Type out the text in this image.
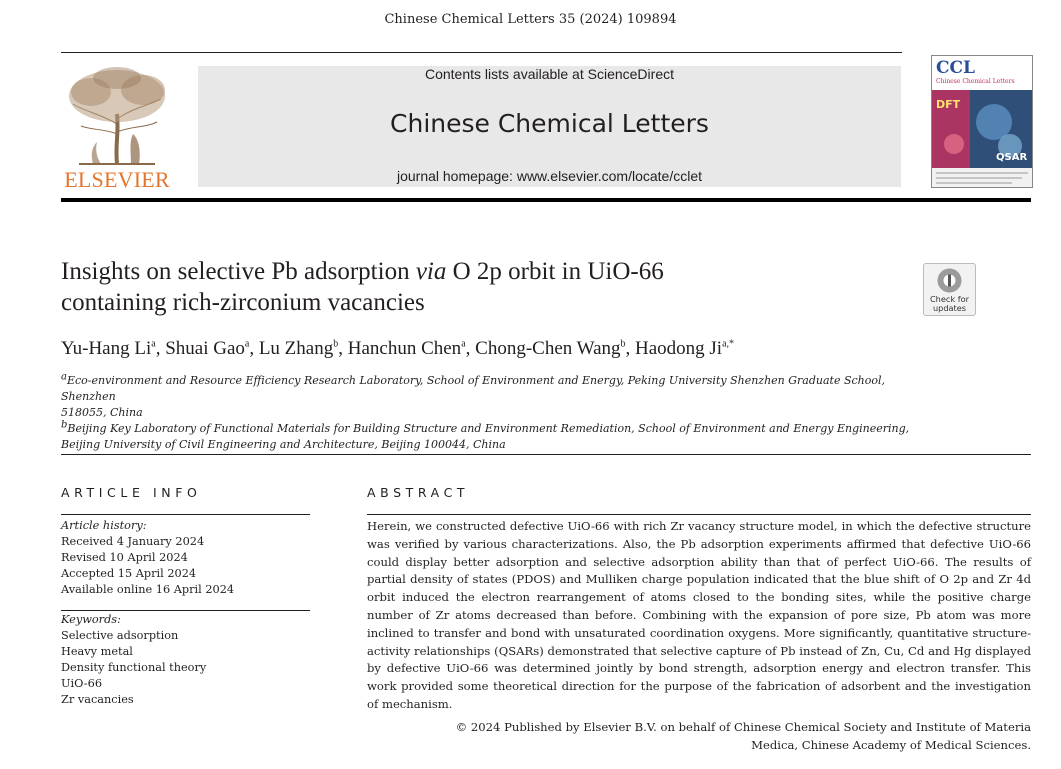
Chinese Chemical Letters 35 (2024) 109894
ELSEVIER
Contents lists available at ScienceDirect
Chinese Chemical Letters
journal homepage: www.elsevier.com/locate/cclet
CCL
Chinese Chemical Letters
DFT
QSAR
Insights on selective Pb adsorption via O 2p orbit in UiO-66
containing rich-zirconium vacancies	Check for updates
Yu-Hang Li$^a$, Shuai Gao$^a$, Lu Zhang$^b$, Hanchun Chen$^a$, Chong-Chen Wang$^b$, Haodong $Ji^{a,*}$
$^a$Eco-environment and Resource Efficiency Research Laboratory, School of Environment and Energy, Peking University Shenzhen Graduate School, Shenzhen
518055, China
$^b$Beijing Key Laboratory of Functional Materials for Building Structure and Environment Remediation, School of Environment and Energy Engineering,
Beijing University of Civil Engineering and Architecture, Beijing 100044, China
ARTICLE INFO	ABSTRACT
Article history:
Received 4 January 2024
Revised 10 April 2024
Accepted 15 April 2024
Available online 16 April 2024
Keywords:
Selective adsorption
Heavy metal
Density functional theory
UiO-66
Zr vacancies
Herein, we constructed defective UiO-66 with rich Zr vacancy structure model, in which the defective structure was verified by various characterizations. Also, the Pb adsorption experiments affirmed that defective UiO-66 could display better adsorption and selective adsorption ability than that of perfect UiO-66. The results of partial density of states (PDOS) and Mulliken charge population indicated that the blue shift of O 2p and Zr 4d orbit induced the electron rearrangement of atoms closed to the bonding sites, while the positive charge number of Zr atoms decreased than before. Combining with the expansion of pore size, Pb atom was more inclined to transfer and bond with unsaturated coordination oxygens. More significantly, quantitative structure-activity relationships (QSARs) demonstrated that selective capture of Pb instead of Zn, Cu, Cd and Hg displayed by defective UiO-66 was determined jointly by bond strength, adsorption energy and electron transfer. This work provided some theoretical direction for the purpose of the fabrication of adsorbent and the investigation of mechanism.
© 2024 Published by Elsevier B.V. on behalf of Chinese Chemical Society and Institute of Materia
Medica, Chinese Academy of Medical Sciences.
